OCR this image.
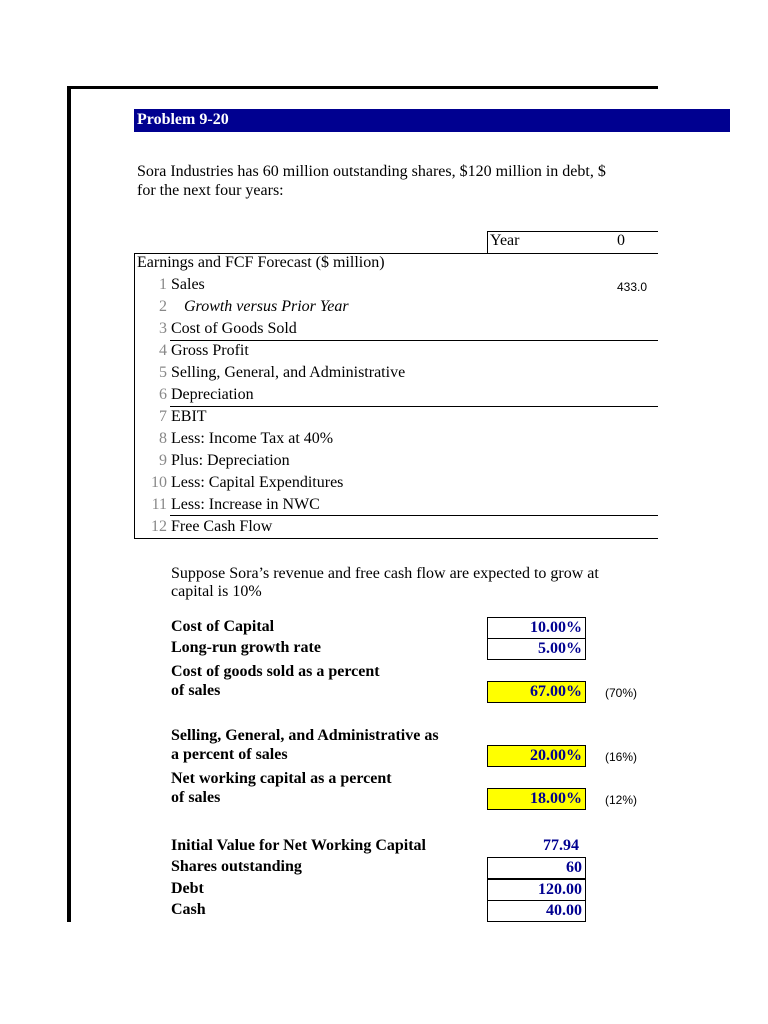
Problem 9-20
Sora Industries has 60 million outstanding shares, $120 million in debt, $
for the next four years:
Year	0
Earnings and FCF Forecast ($ million)
1 Sales	433.0
2 Growth versus Prior Year
3 Cost of Goods Sold
4 Gross Profit
5 Selling, General, and Administrative
6 Depreciation
7 EBIT
8 Less: Income Tax at 40%
9 Plus: Depreciation
10 Less: Capital Expenditures
11 Less: Increase in NWC
12 Free Cash Flow
Suppose Sora’s revenue and free cash flow are expected to grow at
capital is 10%
Cost of Capital	10.00%
Long-run growth rate	5.00%
Cost of goods sold as a percent
of sales	67.00%	(70%)
Selling, General, and Administrative as
a percent of sales	20.00%	(16%)
Net working capital as a percent
of sales	18.00%	(12%)
Initial Value for Net Working Capital	77.94
Shares outstanding	60
Debt	120.00
Cash	40.00
